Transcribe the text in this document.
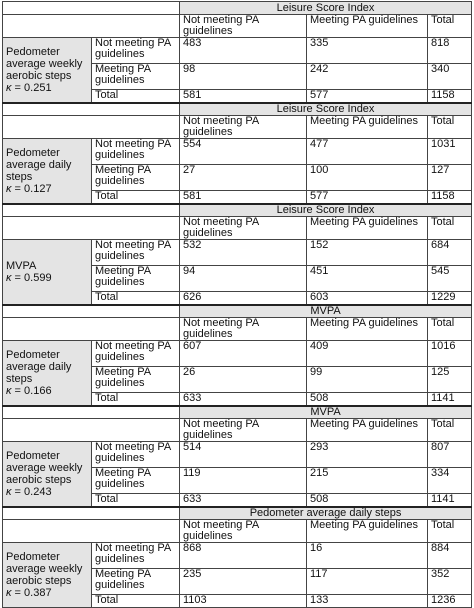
		Leisure Score Index		
		Not meeting PA guidelines	Meeting PA guidelines	Total

Pedometer
average weekly
aerobic steps
κ = 0.251	Not meeting PA guidelines	483	335	818
	Meeting PA guidelines	98	242	340
	Total	581	577	1158
		Leisure Score Index		
		Not meeting PA guidelines	Meeting PA guidelines	Total

Pedometer
average daily
steps
κ = 0.127	Not meeting PA guidelines	554	477	1031
	Meeting PA guidelines	27	100	127
	Total	581	577	1158
		Leisure Score Index		
		Not meeting PA guidelines	Meeting PA guidelines	Total

MVPA
κ = 0.599	Not meeting PA guidelines	532	152	684
	Meeting PA guidelines	94	451	545
	Total	626	603	1229
		MVPA		
		Not meeting PA guidelines	Meeting PA guidelines	Total

Pedometer
average daily
steps
κ = 0.166	Not meeting PA guidelines	607	409	1016
	Meeting PA guidelines	26	99	125
	Total	633	508	1141
		MVPA		
		Not meeting PA guidelines	Meeting PA guidelines	Total

Pedometer
average weekly
aerobic steps
κ = 0.243	Not meeting PA guidelines	514	293	807
	Meeting PA guidelines	119	215	334
	Total	633	508	1141
		Pedometer average daily steps		
		Not meeting PA guidelines	Meeting PA guidelines	Total

Pedometer
average weekly
aerobic steps
κ = 0.387	Not meeting PA guidelines	868	16	884
	Meeting PA guidelines	235	117	352
	Total	1103	133	1236
